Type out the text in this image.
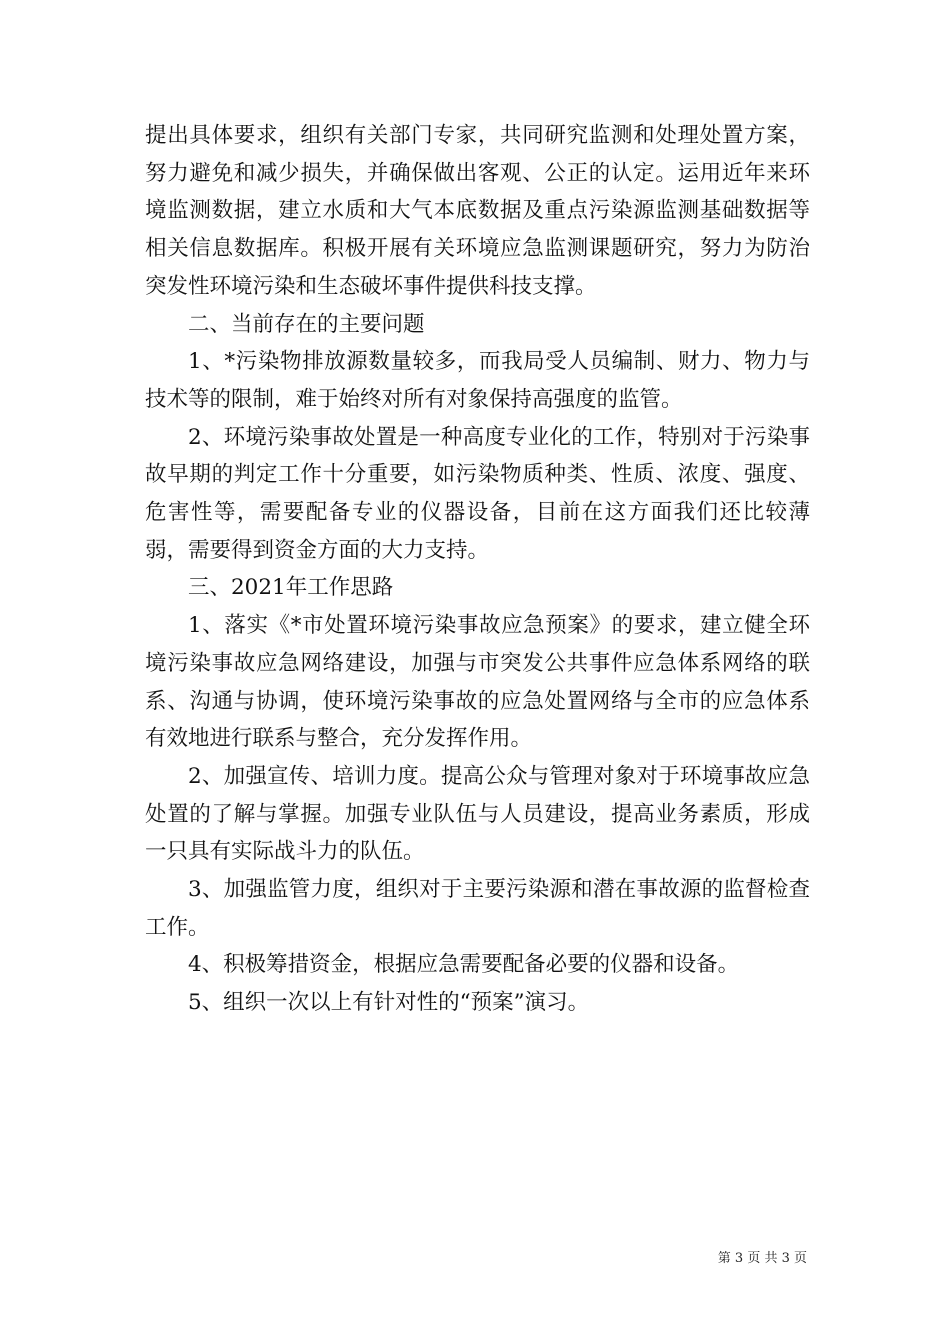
提出具体要求，组织有关部门专家，共同研究监测和处理处置方案，努力避免和减少损失，并确保做出客观、公正的认定。运用近年来环境监测数据，建立水质和大气本底数据及重点污染源监测基础数据等相关信息数据库。积极开展有关环境应急监测课题研究，努力为防治突发性环境污染和生态破坏事件提供科技支撑。

二、当前存在的主要问题

1、*污染物排放源数量较多，而我局受人员编制、财力、物力与技术等的限制，难于始终对所有对象保持高强度的监管。

2、环境污染事故处置是一种高度专业化的工作，特别对于污染事故早期的判定工作十分重要，如污染物质种类、性质、浓度、强度、危害性等，需要配备专业的仪器设备，目前在这方面我们还比较薄弱，需要得到资金方面的大力支持。

三、2021年工作思路

1、落实《*市处置环境污染事故应急预案》的要求，建立健全环境污染事故应急网络建设，加强与市突发公共事件应急体系网络的联系、沟通与协调，使环境污染事故的应急处置网络与全市的应急体系有效地进行联系与整合，充分发挥作用。

2、加强宣传、培训力度。提高公众与管理对象对于环境事故应急处置的了解与掌握。加强专业队伍与人员建设，提高业务素质，形成一只具有实际战斗力的队伍。

3、加强监管力度，组织对于主要污染源和潜在事故源的监督检查工作。

4、积极筹措资金，根据应急需要配备必要的仪器和设备。

5、组织一次以上有针对性的“预案”演习。

第 3 页 共 3 页
